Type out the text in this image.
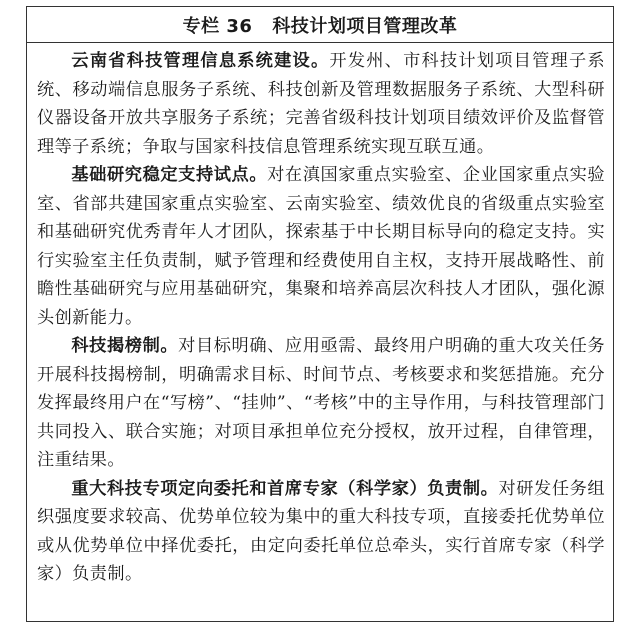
专栏 36 科技计划项目管理改革

云南省科技管理信息系统建设。开发州、市科技计划项目管理子系统、移动端信息服务子系统、科技创新及管理数据服务子系统、大型科研仪器设备开放共享服务子系统；完善省级科技计划项目绩效评价及监督管理等子系统；争取与国家科技信息管理系统实现互联互通。

基础研究稳定支持试点。对在滇国家重点实验室、企业国家重点实验室、省部共建国家重点实验室、云南实验室、绩效优良的省级重点实验室和基础研究优秀青年人才团队，探索基于中长期目标导向的稳定支持。实行实验室主任负责制，赋予管理和经费使用自主权，支持开展战略性、前瞻性基础研究与应用基础研究，集聚和培养高层次科技人才团队，强化源头创新能力。

科技揭榜制。对目标明确、应用亟需、最终用户明确的重大攻关任务开展科技揭榜制，明确需求目标、时间节点、考核要求和奖惩措施。充分发挥最终用户在“写榜”、“挂帅”、“考核”中的主导作用，与科技管理部门共同投入、联合实施；对项目承担单位充分授权，放开过程，自律管理，注重结果。

重大科技专项定向委托和首席专家（科学家）负责制。对研发任务组织强度要求较高、优势单位较为集中的重大科技专项，直接委托优势单位或从优势单位中择优委托，由定向委托单位总牵头，实行首席专家（科学家）负责制。
